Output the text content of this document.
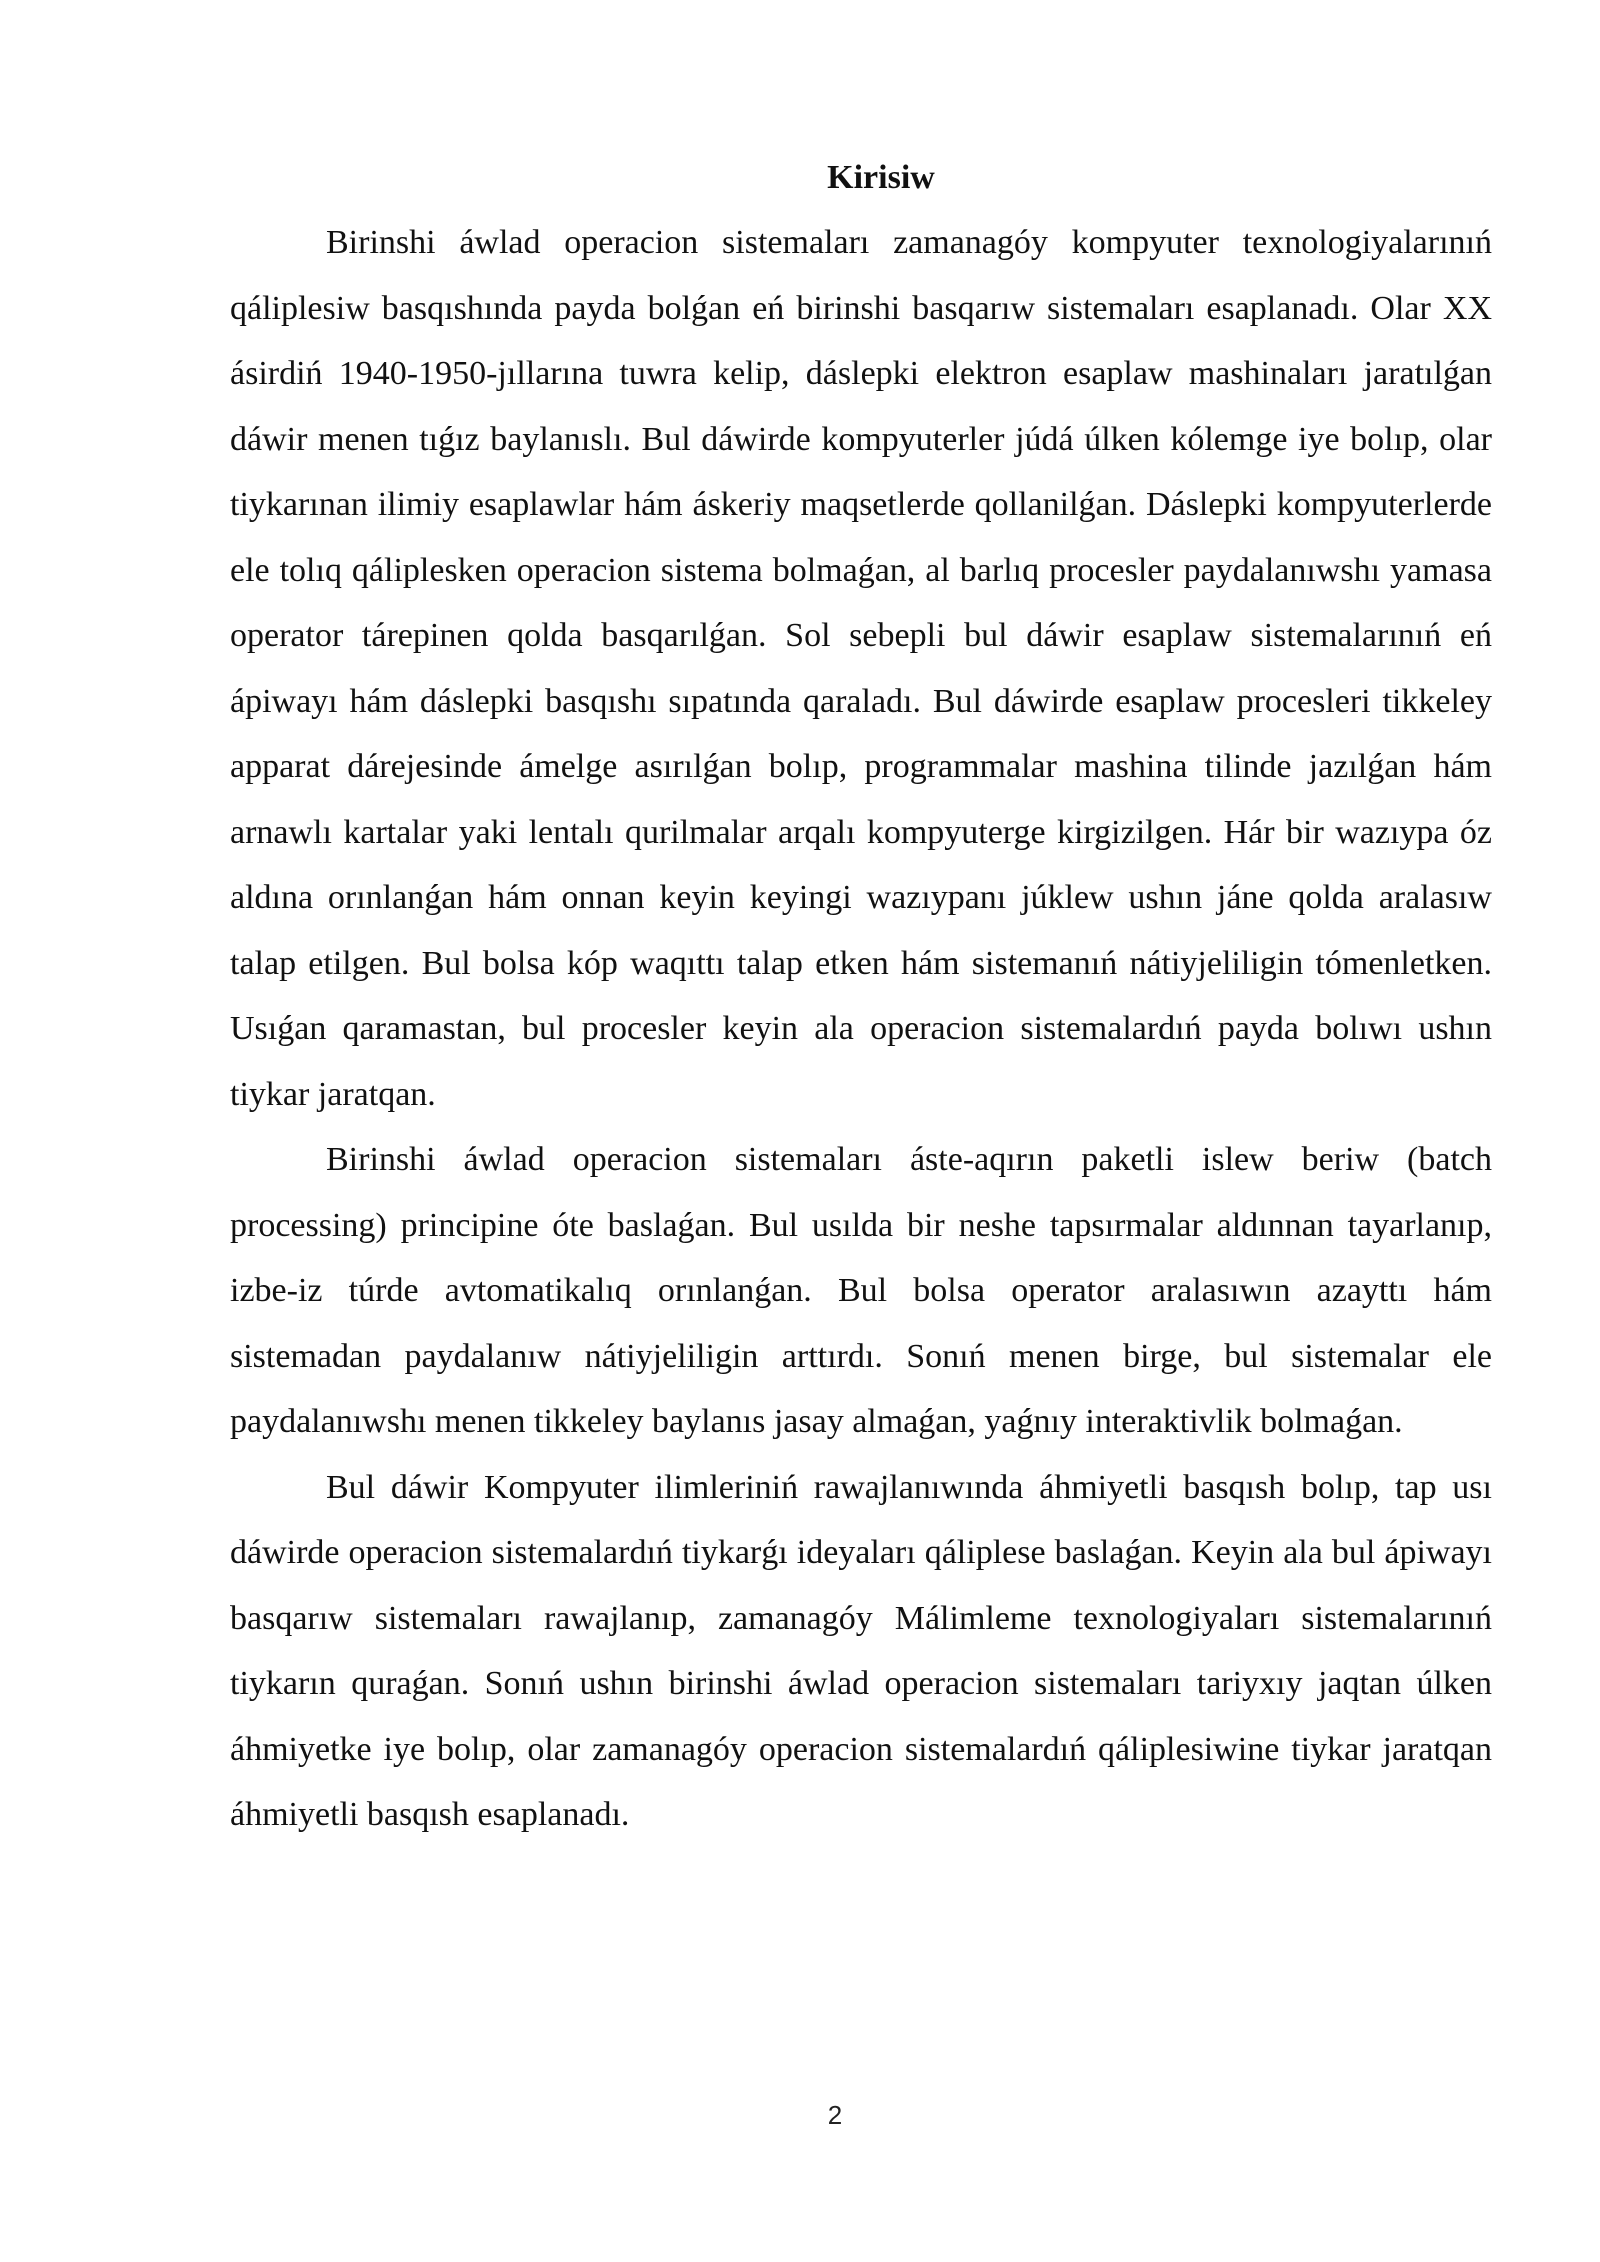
Kirisiw

Birinshi áwlad operacion sistemaları zamanagóy kompyuter texnologiyalarınıń qáliplesiw basqıshında payda bolǵan eń birinshi basqarıw sistemaları esaplanadı. Olar XX ásirdiń 1940-1950-jıllarına tuwra kelip, dáslepki elektron esaplaw mashinaları jaratılǵan dáwir menen tıǵız baylanıslı. Bul dáwirde kompyuterler júdá úlken kólemge iye bolıp, olar tiykarınan ilimiy esaplawlar hám áskeriy maqsetlerde qollanilǵan. Dáslepki kompyuterlerde ele tolıq qáliplesken operacion sistema bolmaǵan, al barlıq procesler paydalanıwshı yamasa operator tárepinen qolda basqarılǵan. Sol sebepli bul dáwir esaplaw sistemalarınıń eń ápiwayı hám dáslepki basqıshı sıpatında qaraladı. Bul dáwirde esaplaw procesleri tikkeley apparat dárejesinde ámelge asırılǵan bolıp, programmalar mashina tilinde jazılǵan hám arnawlı kartalar yaki lentalı qurilmalar arqalı kompyuterge kirgizilgen. Hár bir wazıypa óz aldına orınlanǵan hám onnan keyin keyingi wazıypanı júklew ushın jáne qolda aralasıw talap etilgen. Bul bolsa kóp waqıttı talap etken hám sistemanıń nátiyjeliligin tómenletken. Usıǵan qaramastan, bul procesler keyin ala operacion sistemalardıń payda bolıwı ushın tiykar jaratqan.

Birinshi áwlad operacion sistemaları áste-aqırın paketli islew beriw (batch processing) principine óte baslaǵan. Bul usılda bir neshe tapsırmalar aldınnan tayarlanıp, izbe-iz túrde avtomatikalıq orınlanǵan. Bul bolsa operator aralasıwın azayttı hám sistemadan paydalanıw nátiyjeliligin arttırdı. Sonıń menen birge, bul sistemalar ele paydalanıwshı menen tikkeley baylanıs jasay almaǵan, yaǵnıy interaktivlik bolmaǵan.

Bul dáwir Kompyuter ilimleriniń rawajlanıwında áhmiyetli basqısh bolıp, tap usı dáwirde operacion sistemalardıń tiykarǵı ideyaları qáliplese baslaǵan. Keyin ala bul ápiwayı basqarıw sistemaları rawajlanıp, zamanagóy Málimleme texnologiyaları sistemalarınıń tiykarın quraǵan. Sonıń ushın birinshi áwlad operacion sistemaları tariyxıy jaqtan úlken áhmiyetke iye bolıp, olar zamanagóy operacion sistemalardıń qáliplesiwine tiykar jaratqan áhmiyetli basqısh esaplanadı.

2
